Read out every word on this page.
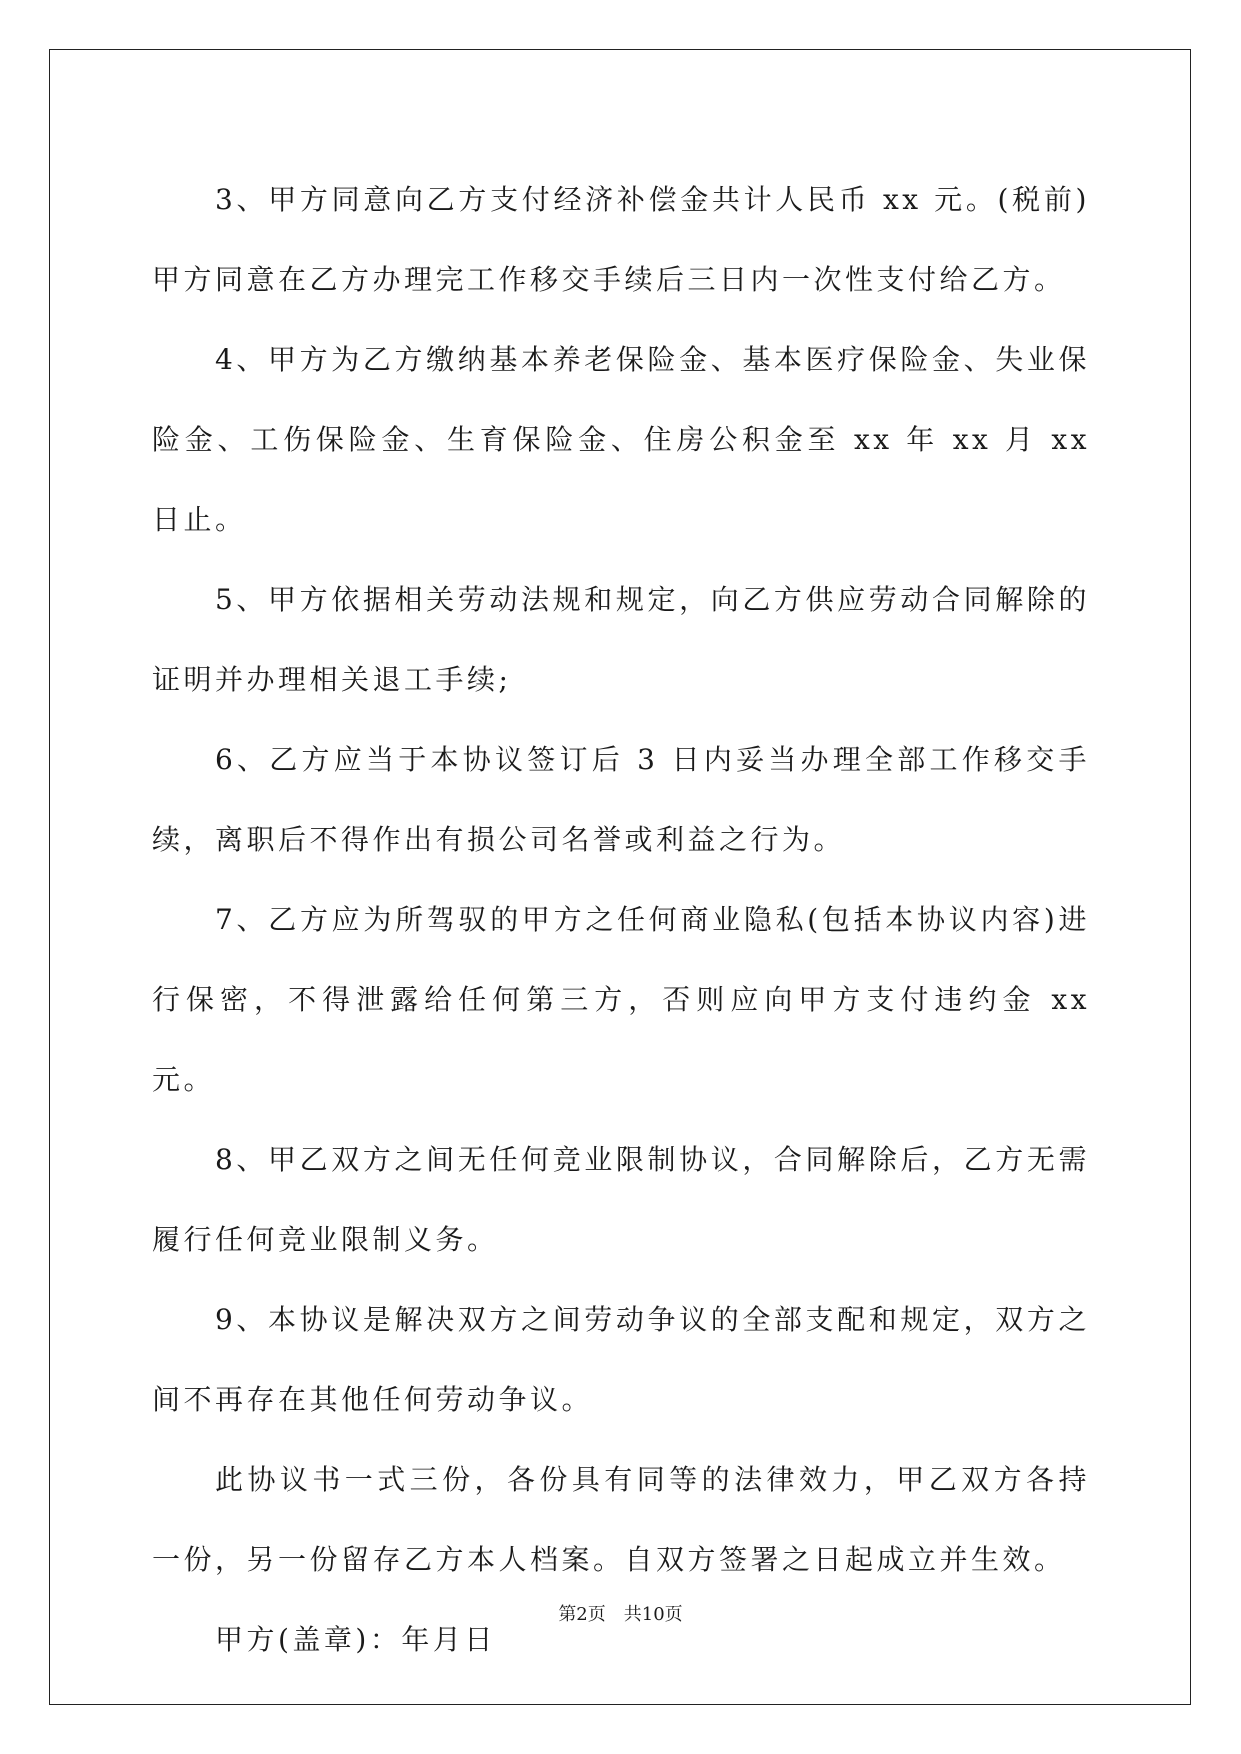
3、甲方同意向乙方支付经济补偿金共计人民币 xx 元。(税前)甲方同意在乙方办理完工作移交手续后三日内一次性支付给乙方。

4、甲方为乙方缴纳基本养老保险金、基本医疗保险金、失业保险金、工伤保险金、生育保险金、住房公积金至 xx 年 xx 月 xx 日止。

5、甲方依据相关劳动法规和规定，向乙方供应劳动合同解除的证明并办理相关退工手续;

6、乙方应当于本协议签订后 3 日内妥当办理全部工作移交手续，离职后不得作出有损公司名誉或利益之行为。

7、乙方应为所驾驭的甲方之任何商业隐私(包括本协议内容)进行保密，不得泄露给任何第三方，否则应向甲方支付违约金 xx 元。

8、甲乙双方之间无任何竞业限制协议，合同解除后，乙方无需履行任何竞业限制义务。

9、本协议是解决双方之间劳动争议的全部支配和规定，双方之间不再存在其他任何劳动争议。

此协议书一式三份，各份具有同等的法律效力，甲乙双方各持一份，另一份留存乙方本人档案。自双方签署之日起成立并生效。

甲方(盖章)：年月日

第2页 共10页
